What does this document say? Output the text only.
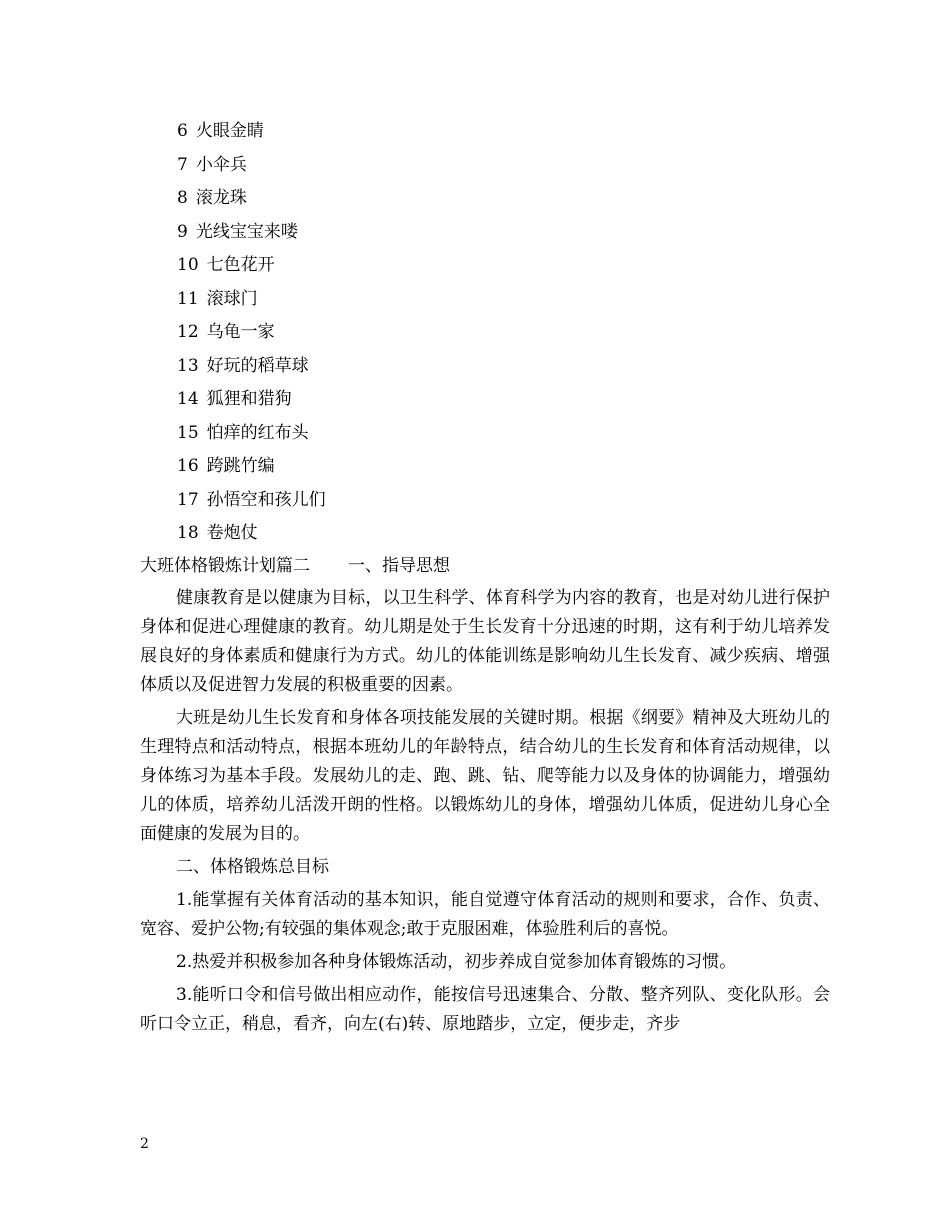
6 火眼金睛
7 小伞兵
8 滚龙珠
9 光线宝宝来喽
10 七色花开
11 滚球门
12 乌龟一家
13 好玩的稻草球
14 狐狸和猎狗
15 怕痒的红布头
16 跨跳竹编
17 孙悟空和孩儿们
18 卷炮仗

大班体格锻炼计划篇二 一、指导思想

健康教育是以健康为目标，以卫生科学、体育科学为内容的教育，也是对幼儿进行保护身体和促进心理健康的教育。幼儿期是处于生长发育十分迅速的时期，这有利于幼儿培养发展良好的身体素质和健康行为方式。幼儿的体能训练是影响幼儿生长发育、减少疾病、增强体质以及促进智力发展的积极重要的因素。

大班是幼儿生长发育和身体各项技能发展的关键时期。根据《纲要》精神及大班幼儿的生理特点和活动特点，根据本班幼儿的年龄特点，结合幼儿的生长发育和体育活动规律，以身体练习为基本手段。发展幼儿的走、跑、跳、钻、爬等能力以及身体的协调能力，增强幼儿的体质，培养幼儿活泼开朗的性格。以锻炼幼儿的身体，增强幼儿体质，促进幼儿身心全面健康的发展为目的。

二、体格锻炼总目标

1.能掌握有关体育活动的基本知识，能自觉遵守体育活动的规则和要求，合作、负责、宽容、爱护公物;有较强的集体观念;敢于克服困难，体验胜利后的喜悦。

2.热爱并积极参加各种身体锻炼活动，初步养成自觉参加体育锻炼的习惯。

3.能听口令和信号做出相应动作，能按信号迅速集合、分散、整齐列队、变化队形。会听口令立正，稍息，看齐，向左(右)转、原地踏步，立定，便步走，齐步

2
